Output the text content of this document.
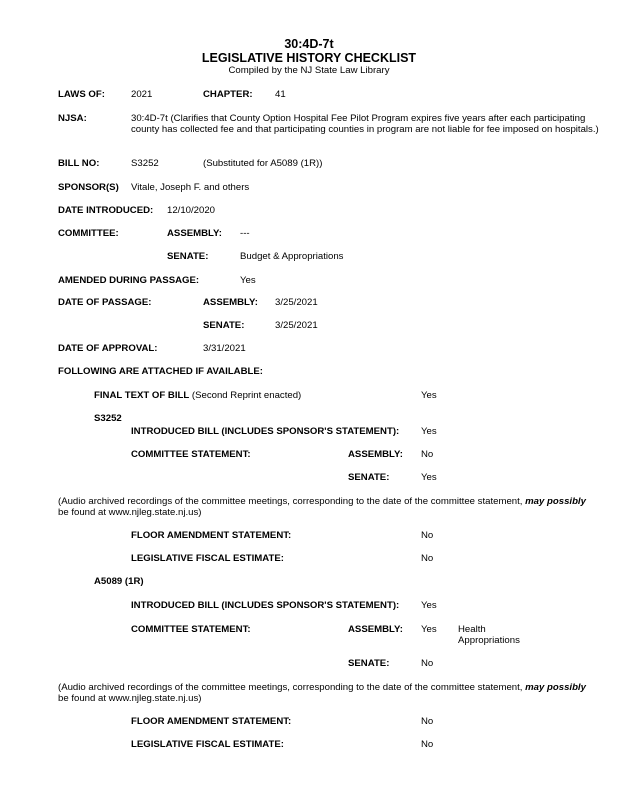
30:4D-7t
LEGISLATIVE HISTORY CHECKLIST
Compiled by the NJ State Law Library
LAWS OF:	2021	CHAPTER: 41
NJSA:	30:4D-7t (Clarifies that County Option Hospital Fee Pilot Program expires five years after each participating county has collected fee and that participating counties in program are not liable for fee imposed on hospitals.)
BILL NO:	S3252	(Substituted for A5089 (1R))
SPONSOR(S) Vitale, Joseph F. and others
DATE INTRODUCED: 12/10/2020
COMMITTEE:	ASSEMBLY: ---
SENATE:	Budget & Appropriations
AMENDED DURING PASSAGE:	Yes
DATE OF PASSAGE:	ASSEMBLY: 3/25/2021
SENATE:	3/25/2021
DATE OF APPROVAL:	3/31/2021
FOLLOWING ARE ATTACHED IF AVAILABLE:
FINAL TEXT OF BILL (Second Reprint enacted)	Yes
S3252
INTRODUCED BILL (INCLUDES SPONSOR'S STATEMENT): Yes
COMMITTEE STATEMENT:	ASSEMBLY: No
SENATE:	Yes
(Audio archived recordings of the committee meetings, corresponding to the date of the committee statement, may possibly
be found at www.njleg.state.nj.us)
FLOOR AMENDMENT STATEMENT:	No
LEGISLATIVE FISCAL ESTIMATE:	No
A5089 (1R)
INTRODUCED BILL (INCLUDES SPONSOR'S STATEMENT): Yes
COMMITTEE STATEMENT:	ASSEMBLY: Yes Health
Appropriations
SENATE:	No
(Audio archived recordings of the committee meetings, corresponding to the date of the committee statement, may possibly
be found at www.njleg.state.nj.us)
FLOOR AMENDMENT STATEMENT:	No
LEGISLATIVE FISCAL ESTIMATE:	No
